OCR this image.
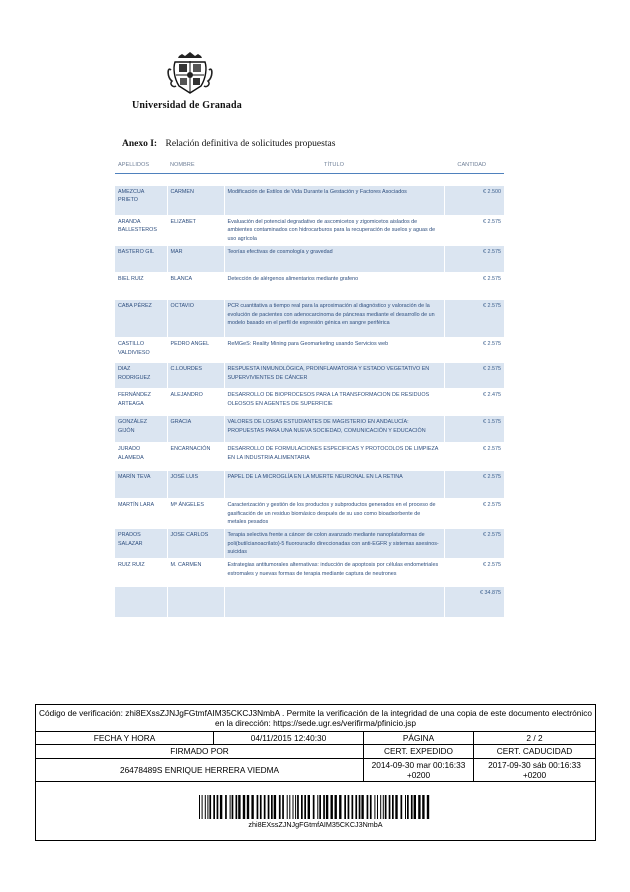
Universidad de Granada
Anexo I: Relación definitiva de solicitudes propuestas
APELLIDOS	NOMBRE	TÍTULO	CANTIDAD

AMEZCUA PRIETO	CARMEN	Modificación de Estilos de Vida Durante la Gestación y Factores Asociados	€ 2.500
ARANDA BALLESTEROS	ELIZABET	Evaluación del potencial degradativo de ascomicetos y zigomicetos aislados de ambientes contaminados con hidrocarburos para la recuperación de suelos y aguas de uso agrícola	€ 2.575
BASTERO GIL	MAR	Teorías efectivas de cosmología y gravedad	€ 2.575
BIEL RUIZ	BLANCA	Detección de alérgenos alimentarios mediante grafeno	€ 2.575
CABA PÉREZ	OCTAVIO	PCR cuantitativa a tiempo real para la aproximación al diagnóstico y valoración de la evolución de pacientes con adenocarcinoma de páncreas mediante el desarrollo de un modelo basado en el perfil de expresión génica en sangre periférica	€ 2.575
CASTILLO VALDIVIESO	PEDRO ANGEL	ReMGeS: Reality Mining para Geomarketing usando Servicios web	€ 2.575
DIAZ RODRIGUEZ	C.LOURDES	RESPUESTA INMUNOLÓGICA, PROINFLAMATORIA Y ESTADO VEGETATIVO EN SUPERVIVIENTES DE CÁNCER	€ 2.575
FERNÁNDEZ ARTEAGA	ALEJANDRO	DESARROLLO DE BIOPROCESOS PARA LA TRANSFORMACION DE RESIDUOS OLEOSOS EN AGENTES DE SUPERFICIE	€ 2.475
GONZÁLEZ GIJÓN	GRACIA	VALORES DE LOS/AS ESTUDIANTES DE MAGISTERIO EN ANDALUCÍA: PROPUESTAS PARA UNA NUEVA SOCIEDAD, COMUNICACIÓN Y EDUCACIÓN	€ 1.575
JURADO ALAMEDA	ENCARNACIÓN	DESARROLLO DE FORMULACIONES ESPECIFICAS Y PROTOCOLOS DE LIMPIEZA EN LA INDUSTRIA ALIMENTARIA	€ 2.575
MARÍN TEVA	JOSÉ LUIS	PAPEL DE LA MICROGLÍA EN LA MUERTE NEURONAL EN LA RETINA	€ 2.575
MARTÍN LARA	Mª ÁNGELES	Caracterización y gestión de los productos y subproductos generados en el proceso de gasificación de un residuo biomásico después de su uso como bioadsorbente de metales pesados	€ 2.575
PRADOS SALAZAR	JOSE CARLOS	Terapia selectiva frente a cáncer de colon avanzado mediante nanoplataformas de poli(butilcianoacrilato)-5 fluorouracilo direccionadas con anti-EGFR y sistemas asesinos-suicidas	€ 2.575
RUIZ RUIZ	M. CARMEN	Estrategias antitumorales alternativas: inducción de apoptosis por células endometriales estromales y nuevas formas de terapia mediante captura de neutrones	€ 2.575
			€ 34.875
Código de verificación: zhi8EXssZJNJgFGtmfAIM35CKCJ3NmbA . Permite la verificación de la integridad de una copia de este documento electrónico en la dirección: https://sede.ugr.es/verifirma/pfinicio.jsp			
FECHA Y HORA	04/11/2015 12:40:30	PÁGINA	2 / 2
FIRMADO POR		CERT. EXPEDIDO	CERT. CADUCIDAD
26478489S ENRIQUE HERRERA VIEDMA		2014-09-30 mar 00:16:33 +0200	2017-09-30 sáb 00:16:33 +0200

zhi8EXssZJNJgFGtmfAIM35CKCJ3NmbA			
